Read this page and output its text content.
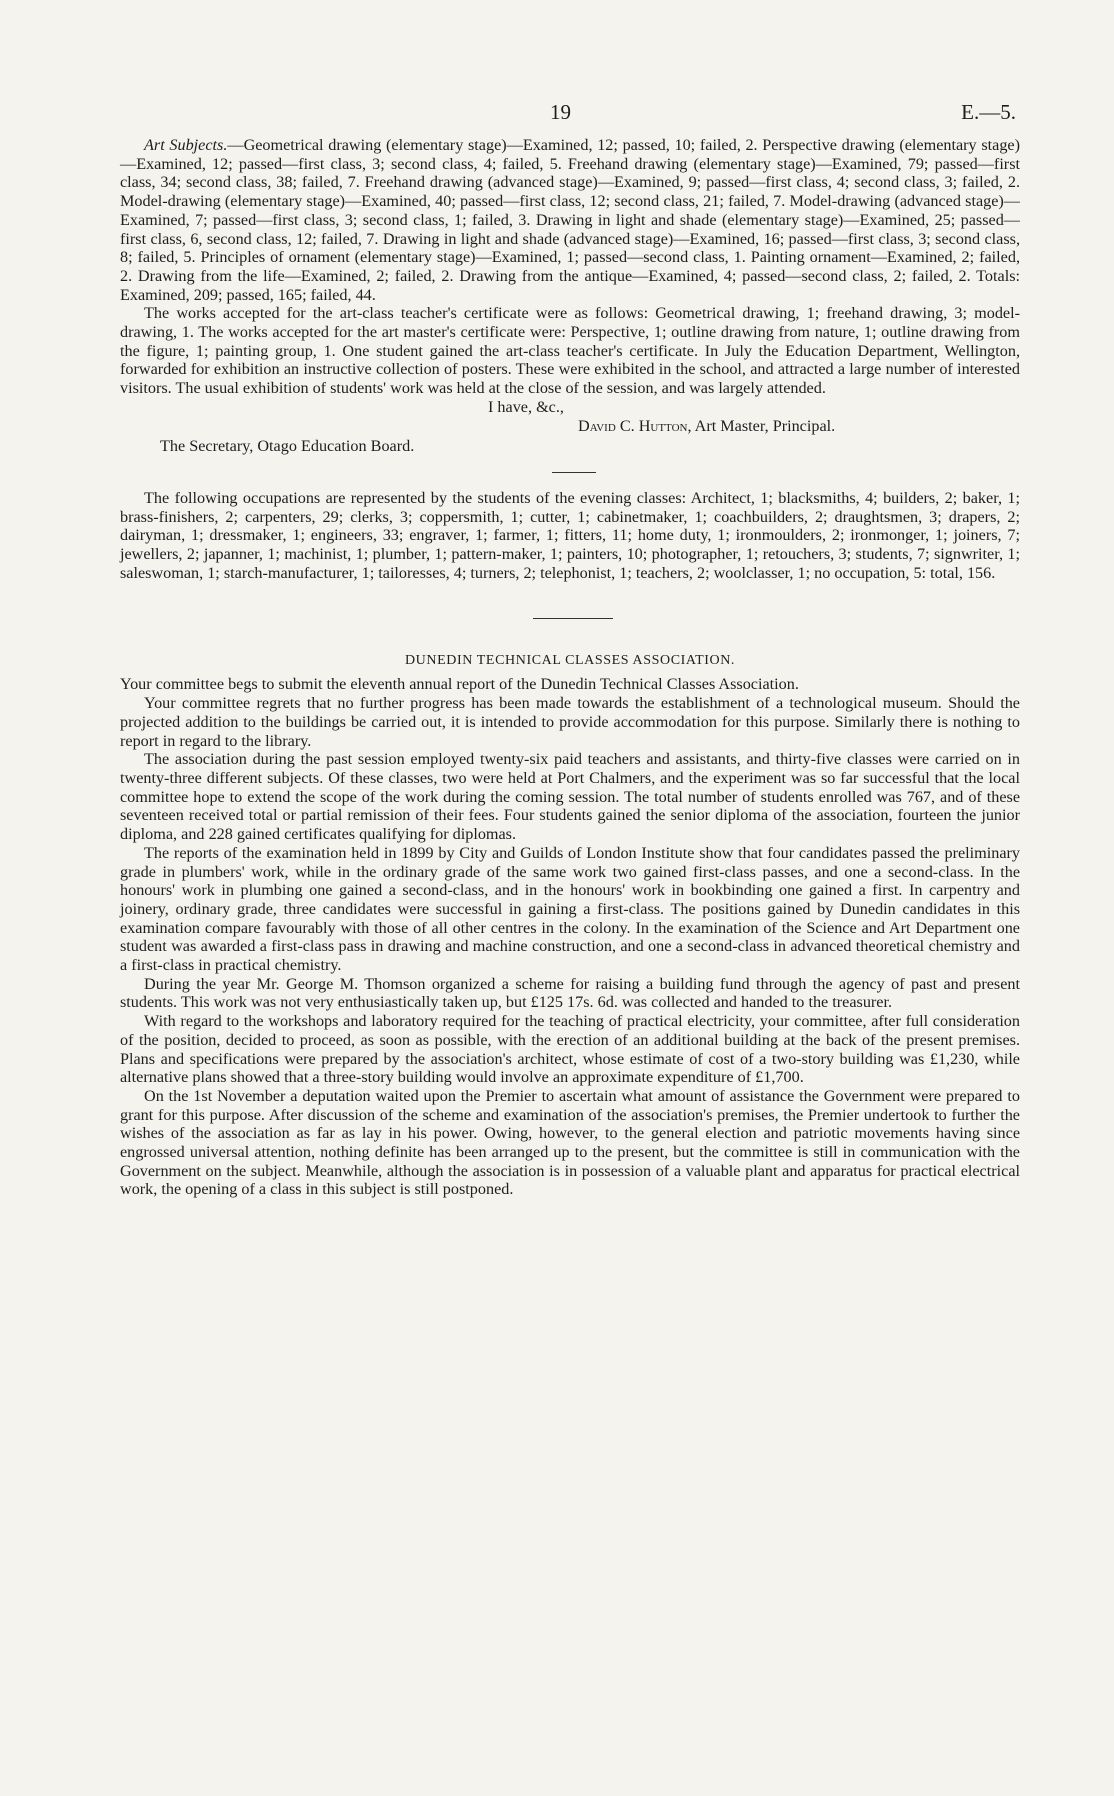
19	E.—5.

Art Subjects.—Geometrical drawing (elementary stage)—Examined, 12; passed, 10; failed, 2. Perspective drawing (elementary stage)—Examined, 12; passed—first class, 3; second class, 4; failed, 5. Freehand drawing (elementary stage)—Examined, 79; passed—first class, 34; second class, 38; failed, 7. Freehand drawing (advanced stage)—Examined, 9; passed—first class, 4; second class, 3; failed, 2. Model-drawing (elementary stage)—Examined, 40; passed—first class, 12; second class, 21; failed, 7. Model-drawing (advanced stage)—Examined, 7; passed—first class, 3; second class, 1; failed, 3. Drawing in light and shade (elementary stage)—Examined, 25; passed—first class, 6, second class, 12; failed, 7. Drawing in light and shade (advanced stage)—Examined, 16; passed—first class, 3; second class, 8; failed, 5. Principles of ornament (elementary stage)—Examined, 1; passed—second class, 1. Painting ornament—Examined, 2; failed, 2. Drawing from the life—Examined, 2; failed, 2. Drawing from the antique—Examined, 4; passed—second class, 2; failed, 2. Totals: Examined, 209; passed, 165; failed, 44.

The works accepted for the art-class teacher's certificate were as follows: Geometrical drawing, 1; freehand drawing, 3; model-drawing, 1. The works accepted for the art master's certificate were: Perspective, 1; outline drawing from nature, 1; outline drawing from the figure, 1; painting group, 1. One student gained the art-class teacher's certificate. In July the Education Department, Wellington, forwarded for exhibition an instructive collection of posters. These were exhibited in the school, and attracted a large number of interested visitors. The usual exhibition of students' work was held at the close of the session, and was largely attended.

I have, &c.,
David C. Hutton, Art Master, Principal.
The Secretary, Otago Education Board.

The following occupations are represented by the students of the evening classes: Architect, 1; blacksmiths, 4; builders, 2; baker, 1; brass-finishers, 2; carpenters, 29; clerks, 3; coppersmith, 1; cutter, 1; cabinetmaker, 1; coachbuilders, 2; draughtsmen, 3; drapers, 2; dairyman, 1; dressmaker, 1; engineers, 33; engraver, 1; farmer, 1; fitters, 11; home duty, 1; ironmoulders, 2; ironmonger, 1; joiners, 7; jewellers, 2; japanner, 1; machinist, 1; plumber, 1; pattern-maker, 1; painters, 10; photographer, 1; retouchers, 3; students, 7; signwriter, 1; saleswoman, 1; starch-manufacturer, 1; tailoresses, 4; turners, 2; telephonist, 1; teachers, 2; woolclasser, 1; no occupation, 5: total, 156.

DUNEDIN TECHNICAL CLASSES ASSOCIATION.

Your committee begs to submit the eleventh annual report of the Dunedin Technical Classes Association.

Your committee regrets that no further progress has been made towards the establishment of a technological museum. Should the projected addition to the buildings be carried out, it is intended to provide accommodation for this purpose. Similarly there is nothing to report in regard to the library.

The association during the past session employed twenty-six paid teachers and assistants, and thirty-five classes were carried on in twenty-three different subjects. Of these classes, two were held at Port Chalmers, and the experiment was so far successful that the local committee hope to extend the scope of the work during the coming session. The total number of students enrolled was 767, and of these seventeen received total or partial remission of their fees. Four students gained the senior diploma of the association, fourteen the junior diploma, and 228 gained certificates qualifying for diplomas.

The reports of the examination held in 1899 by City and Guilds of London Institute show that four candidates passed the preliminary grade in plumbers' work, while in the ordinary grade of the same work two gained first-class passes, and one a second-class. In the honours' work in plumbing one gained a second-class, and in the honours' work in bookbinding one gained a first. In carpentry and joinery, ordinary grade, three candidates were successful in gaining a first-class. The positions gained by Dunedin candidates in this examination compare favourably with those of all other centres in the colony. In the examination of the Science and Art Department one student was awarded a first-class pass in drawing and machine construction, and one a second-class in advanced theoretical chemistry and a first-class in practical chemistry.

During the year Mr. George M. Thomson organized a scheme for raising a building fund through the agency of past and present students. This work was not very enthusiastically taken up, but £125 17s. 6d. was collected and handed to the treasurer.

With regard to the workshops and laboratory required for the teaching of practical electricity, your committee, after full consideration of the position, decided to proceed, as soon as possible, with the erection of an additional building at the back of the present premises. Plans and specifications were prepared by the association's architect, whose estimate of cost of a two-story building was £1,230, while alternative plans showed that a three-story building would involve an approximate expenditure of £1,700.

On the 1st November a deputation waited upon the Premier to ascertain what amount of assistance the Government were prepared to grant for this purpose. After discussion of the scheme and examination of the association's premises, the Premier undertook to further the wishes of the association as far as lay in his power. Owing, however, to the general election and patriotic movements having since engrossed universal attention, nothing definite has been arranged up to the present, but the committee is still in communication with the Government on the subject. Meanwhile, although the association is in possession of a valuable plant and apparatus for practical electrical work, the opening of a class in this subject is still postponed.
